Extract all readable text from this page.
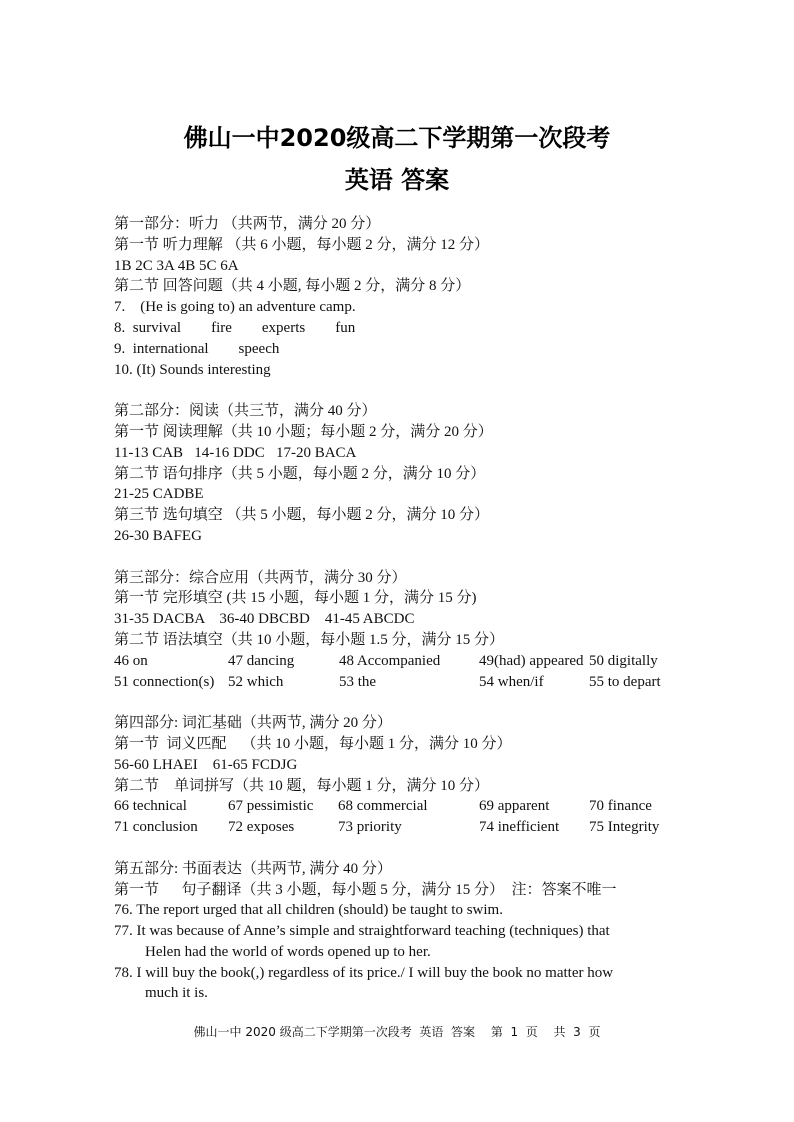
佛山一中2020级高二下学期第一次段考
英语 答案
第一部分：听力 （共两节，满分 20 分）
第一节 听力理解 （共 6 小题，每小题 2 分，满分 12 分）
1B 2C 3A 4B 5C 6A
第二节 回答问题（共 4 小题, 每小题 2 分，满分 8 分）
7.    (He is going to) an adventure camp.
8.  survival        fire        experts        fun
9.  international        speech
10. (It) Sounds interesting
第二部分：阅读（共三节，满分 40 分）
第一节 阅读理解（共 10 小题；每小题 2 分，满分 20 分）
11-13 CAB   14-16 DDC   17-20 BACA
第二节 语句排序（共 5 小题，每小题 2 分，满分 10 分）
21-25 CADBE
第三节 选句填空 （共 5 小题，每小题 2 分，满分 10 分）
26-30 BAFEG
第三部分：综合应用（共两节，满分 30 分）
第一节 完形填空 (共 15 小题，每小题 1 分，满分 15 分)
31-35 DACBA    36-40 DBCBD    41-45 ABCDC
第二节 语法填空（共 10 小题，每小题 1.5 分，满分 15 分）
46 on	47 dancing	48 Accompanied	49(had) appeared 50 digitally
51 connection(s) 52 which	53 the	54 when/if	55 to depart
第四部分: 词汇基础（共两节, 满分 20 分）
第一节  词义匹配    （共 10 小题，每小题 1 分，满分 10 分）
56-60 LHAEI    61-65 FCDJG
第二节    单词拼写（共 10 题，每小题 1 分，满分 10 分）
66 technical	67 pessimistic	68 commercial	69 apparent	70 finance
71 conclusion	72 exposes	73 priority	74 inefficient	75 Integrity
第五部分: 书面表达（共两节, 满分 40 分）
第一节      句子翻译（共 3 小题，每小题 5 分，满分 15 分）  注：答案不唯一
76. The report urged that all children (should) be taught to swim.
77. It was because of Anne’s simple and straightforward teaching (techniques) that
Helen had the world of words opened up to her.
78. I will buy the book(,) regardless of its price./ I will buy the book no matter how
much it is.
佛山一中 2020 级高二下学期第一次段考  英语  答案 第  1  页 共  3  页
